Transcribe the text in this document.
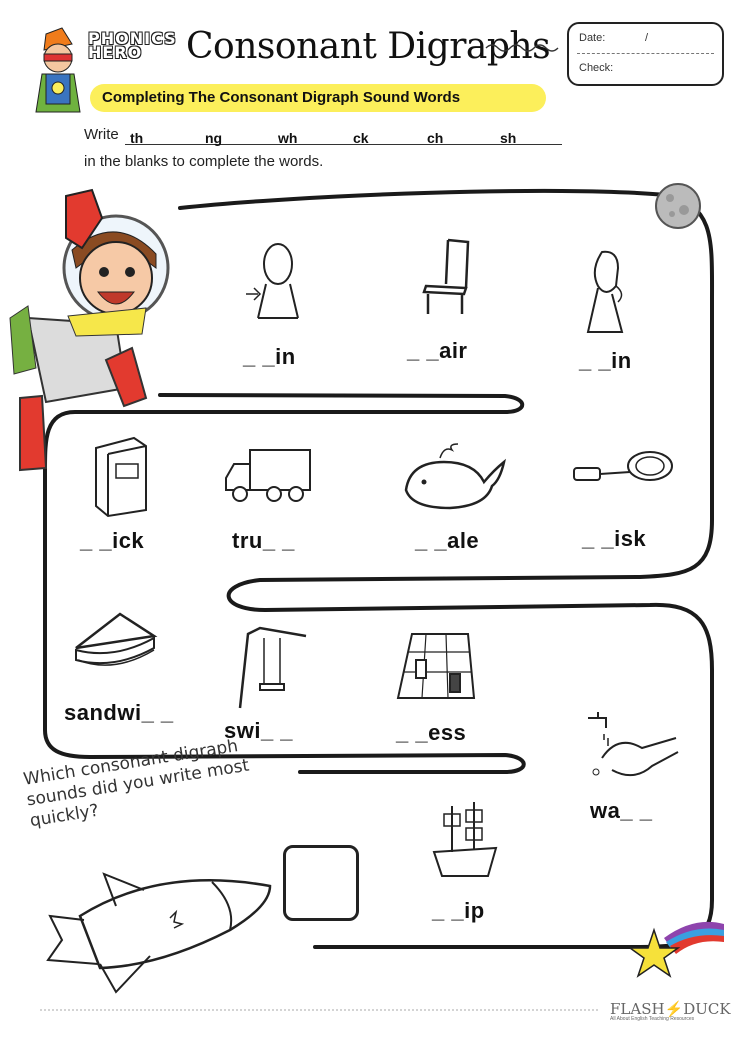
PHONICS
HERO	Consonant Digraphs	Date:	/
Check:
Completing The Consonant Digraph Sound Words
Write th	ng	wh	ck	ch	sh
in the blanks to complete the words.
_ _in	_ _air	_ _in
_ _ick	tru_ _	_ _ale	_ _isk
sandwi_ _
swi_ _	_ _ess
wa_ _
_ _ip
Which consonant digraph sounds did you write most quickly?
FLASH⚡DUCK
All About English Teaching Resources
